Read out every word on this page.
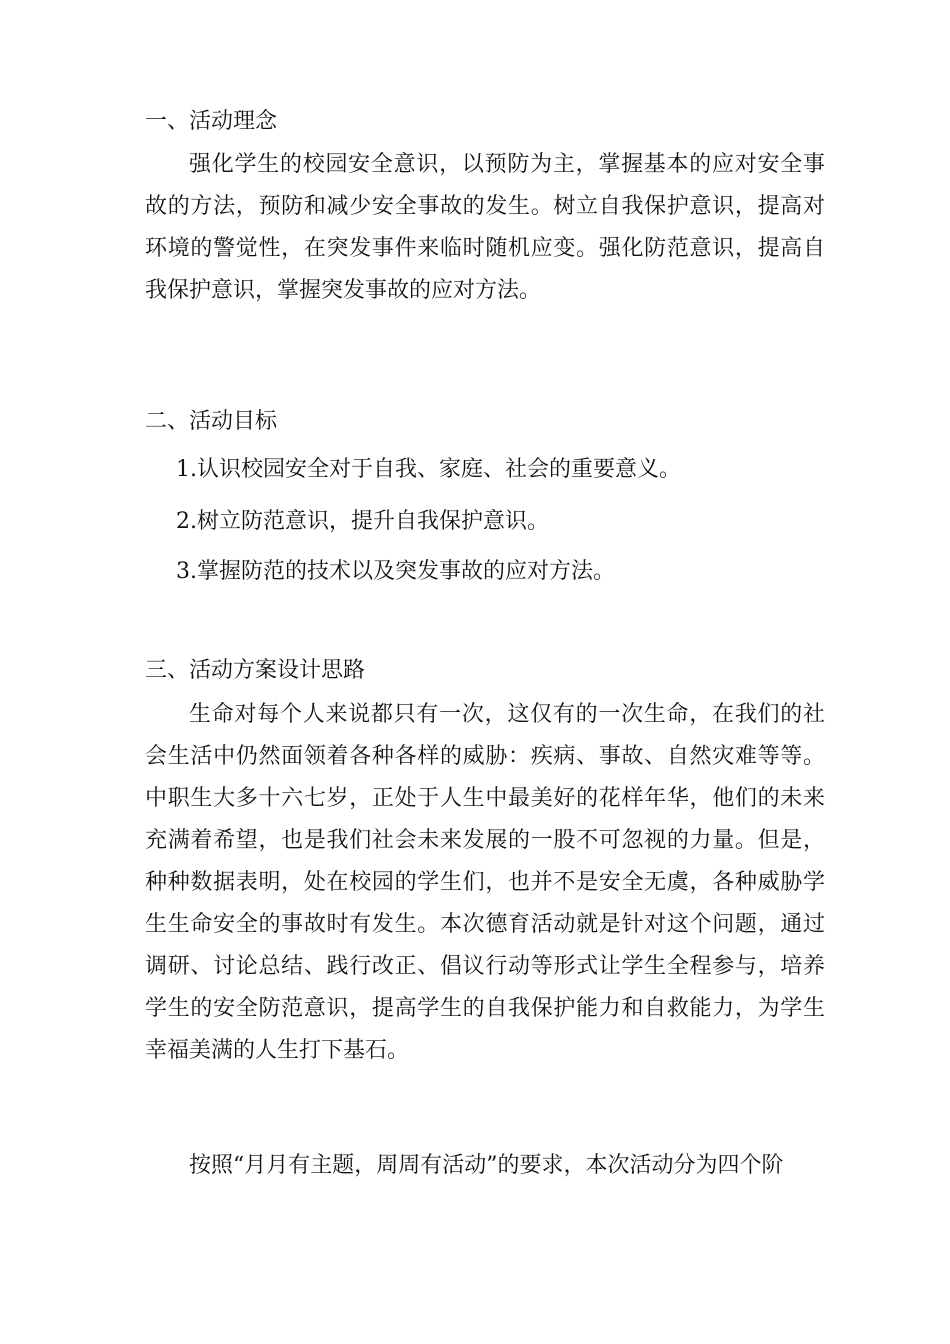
一、活动理念

强化学生的校园安全意识，以预防为主，掌握基本的应对安全事故的方法，预防和减少安全事故的发生。树立自我保护意识，提高对环境的警觉性，在突发事件来临时随机应变。强化防范意识，提高自我保护意识，掌握突发事故的应对方法。

二、活动目标

1.认识校园安全对于自我、家庭、社会的重要意义。

2.树立防范意识，提升自我保护意识。

3.掌握防范的技术以及突发事故的应对方法。

三、活动方案设计思路

生命对每个人来说都只有一次，这仅有的一次生命，在我们的社会生活中仍然面领着各种各样的威胁：疾病、事故、自然灾难等等。中职生大多十六七岁，正处于人生中最美好的花样年华，他们的未来充满着希望，也是我们社会未来发展的一股不可忽视的力量。但是，种种数据表明，处在校园的学生们，也并不是安全无虞，各种威胁学生生命安全的事故时有发生。本次德育活动就是针对这个问题，通过调研、讨论总结、践行改正、倡议行动等形式让学生全程参与，培养学生的安全防范意识，提高学生的自我保护能力和自救能力，为学生幸福美满的人生打下基石。

按照“月月有主题，周周有活动”的要求，本次活动分为四个阶
